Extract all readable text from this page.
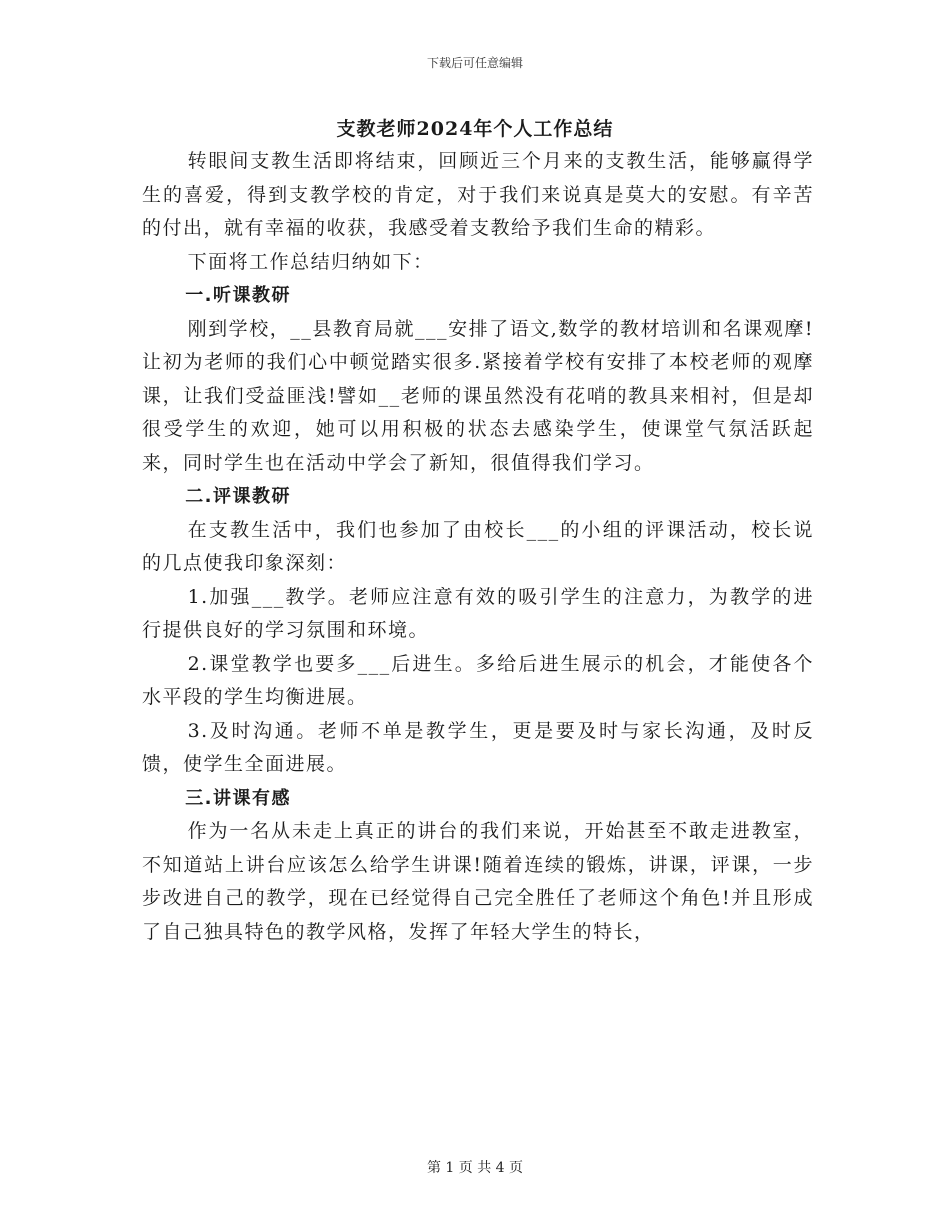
下载后可任意编辑
支教老师2024年个人工作总结

转眼间支教生活即将结束，回顾近三个月来的支教生活，能够赢得学生的喜爱，得到支教学校的肯定，对于我们来说真是莫大的安慰。有辛苦的付出，就有幸福的收获，我感受着支教给予我们生命的精彩。

下面将工作总结归纳如下：

一.听课教研

刚到学校，__县教育局就___安排了语文,数学的教材培训和名课观摩!让初为老师的我们心中顿觉踏实很多.紧接着学校有安排了本校老师的观摩课，让我们受益匪浅!譬如__老师的课虽然没有花哨的教具来相衬，但是却很受学生的欢迎，她可以用积极的状态去感染学生，使课堂气氛活跃起来，同时学生也在活动中学会了新知，很值得我们学习。

二.评课教研

在支教生活中，我们也参加了由校长___的小组的评课活动，校长说的几点使我印象深刻：

1.加强___教学。老师应注意有效的吸引学生的注意力，为教学的进行提供良好的学习氛围和环境。

2.课堂教学也要多___后进生。多给后进生展示的机会，才能使各个水平段的学生均衡进展。

3.及时沟通。老师不单是教学生，更是要及时与家长沟通，及时反馈，使学生全面进展。

三.讲课有感

作为一名从未走上真正的讲台的我们来说，开始甚至不敢走进教室，不知道站上讲台应该怎么给学生讲课!随着连续的锻炼，讲课，评课，一步步改进自己的教学，现在已经觉得自己完全胜任了老师这个角色!并且形成了自己独具特色的教学风格，发挥了年轻大学生的特长，

第 1 页 共 4 页
